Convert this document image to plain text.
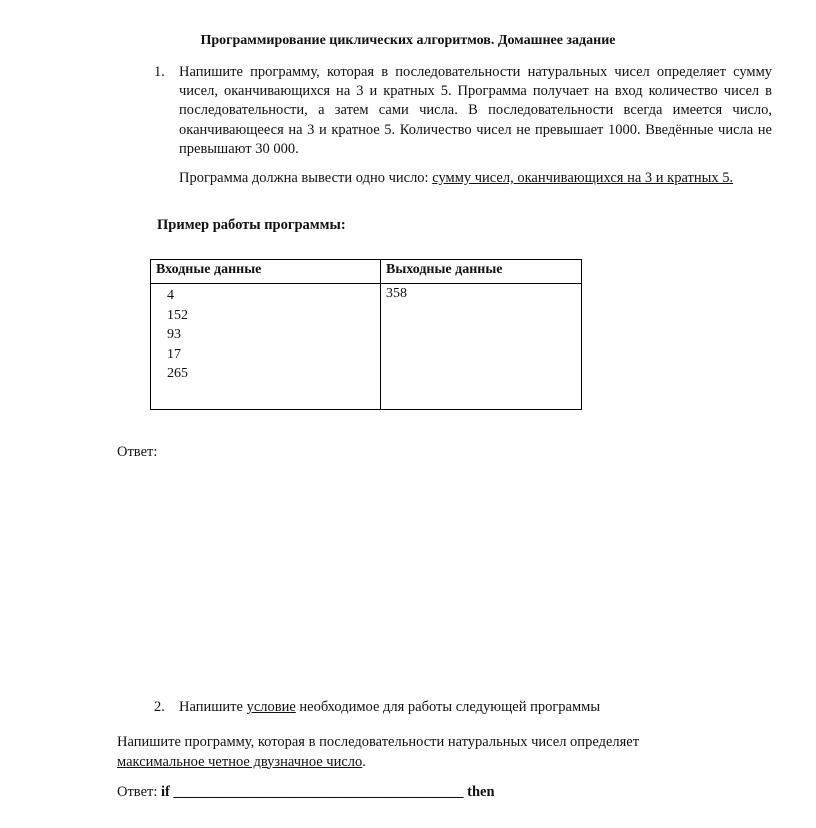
Программирование циклических алгоритмов. Домашнее задание
1. Напишите программу, которая в последовательности натуральных чисел определяет сумму чисел, оканчивающихся на 3 и кратных 5. Программа получает на вход количество чисел в последовательности, а затем сами числа. В последовательности всегда имеется число, оканчивающееся на 3 и кратное 5. Количество чисел не превышает 1000. Введённые числа не превышают 30 000.
Программа должна вывести одно число: сумму чисел, оканчивающихся на 3 и кратных 5.
Пример работы программы:
Входные данные	Выходные данные

4
152
93
17
265	358
Ответ:
2. Напишите условие необходимое для работы следующей программы
Напишите программу, которая в последовательности натуральных чисел определяет
максимальное четное двузначное число.
Ответ: if ________________________________________ then
